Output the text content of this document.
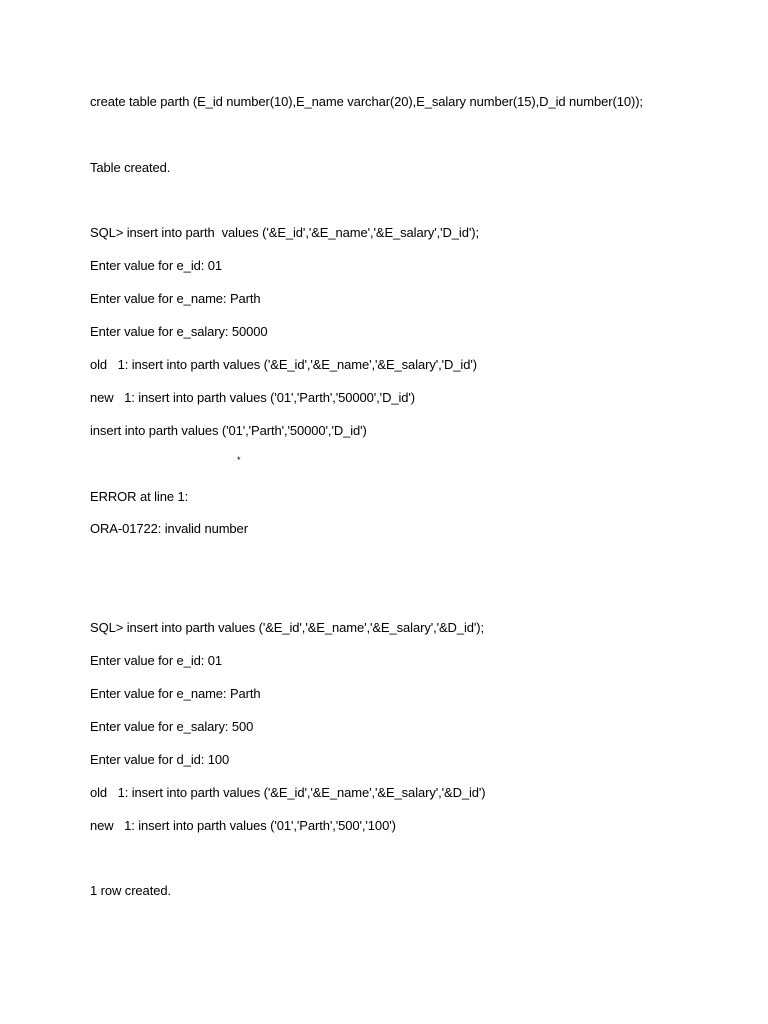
create table parth (E_id number(10),E_name varchar(20),E_salary number(15),D_id number(10));
Table created.
SQL> insert into parth  values ('&E_id','&E_name','&E_salary','D_id');
Enter value for e_id: 01
Enter value for e_name: Parth
Enter value for e_salary: 50000
old   1: insert into parth values ('&E_id','&E_name','&E_salary','D_id')
new   1: insert into parth values ('01','Parth','50000','D_id')
insert into parth values ('01','Parth','50000','D_id')
*
ERROR at line 1:
ORA-01722: invalid number
SQL> insert into parth values ('&E_id','&E_name','&E_salary','&D_id');
Enter value for e_id: 01
Enter value for e_name: Parth
Enter value for e_salary: 500
Enter value for d_id: 100
old   1: insert into parth values ('&E_id','&E_name','&E_salary','&D_id')
new   1: insert into parth values ('01','Parth','500','100')
1 row created.
